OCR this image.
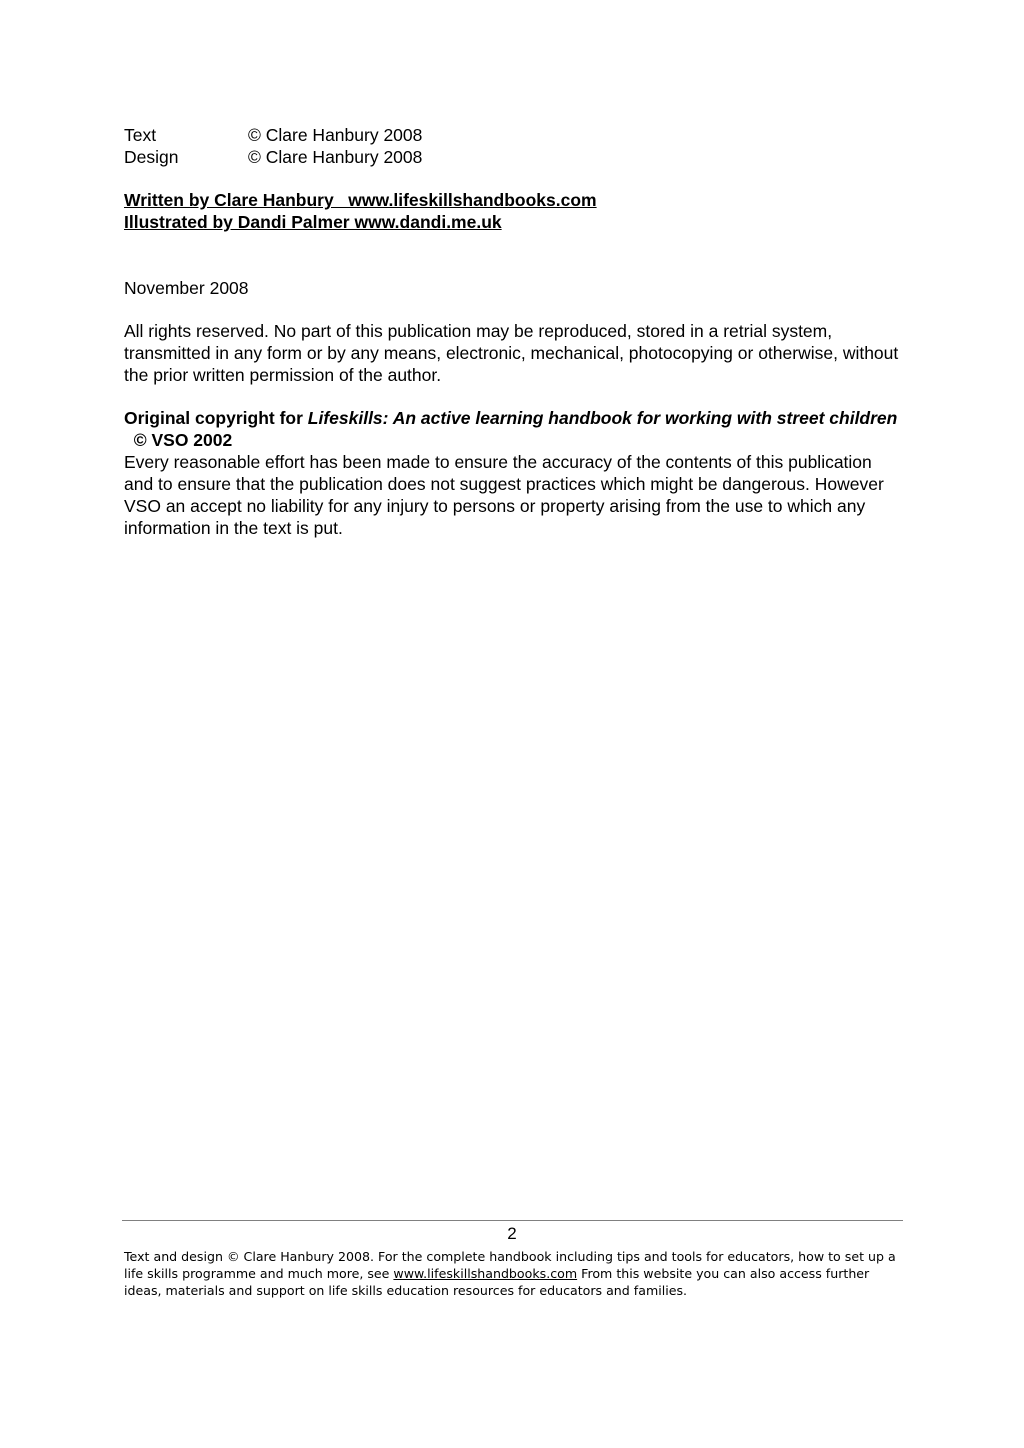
Text	© Clare Hanbury 2008
Design	© Clare Hanbury 2008
Written by Clare Hanbury   www.lifeskillshandbooks.com
Illustrated by Dandi Palmer www.dandi.me.uk
November 2008
All rights reserved. No part of this publication may be reproduced, stored in a retrial system, transmitted in any form or by any means, electronic, mechanical, photocopying or otherwise, without the prior written permission of the author.
Original copyright for Lifeskills: An active learning handbook for working with street children  © VSO 2002
Every reasonable effort has been made to ensure the accuracy of the contents of this publication and to ensure that the publication does not suggest practices which might be dangerous. However VSO an accept no liability for any injury to persons or property arising from the use to which any information in the text is put.
2
Text and design © Clare Hanbury 2008. For the complete handbook including tips and tools for educators, how to set up a life skills programme and much more, see www.lifeskillshandbooks.com From this website you can also access further ideas, materials and support on life skills education resources for educators and families.
